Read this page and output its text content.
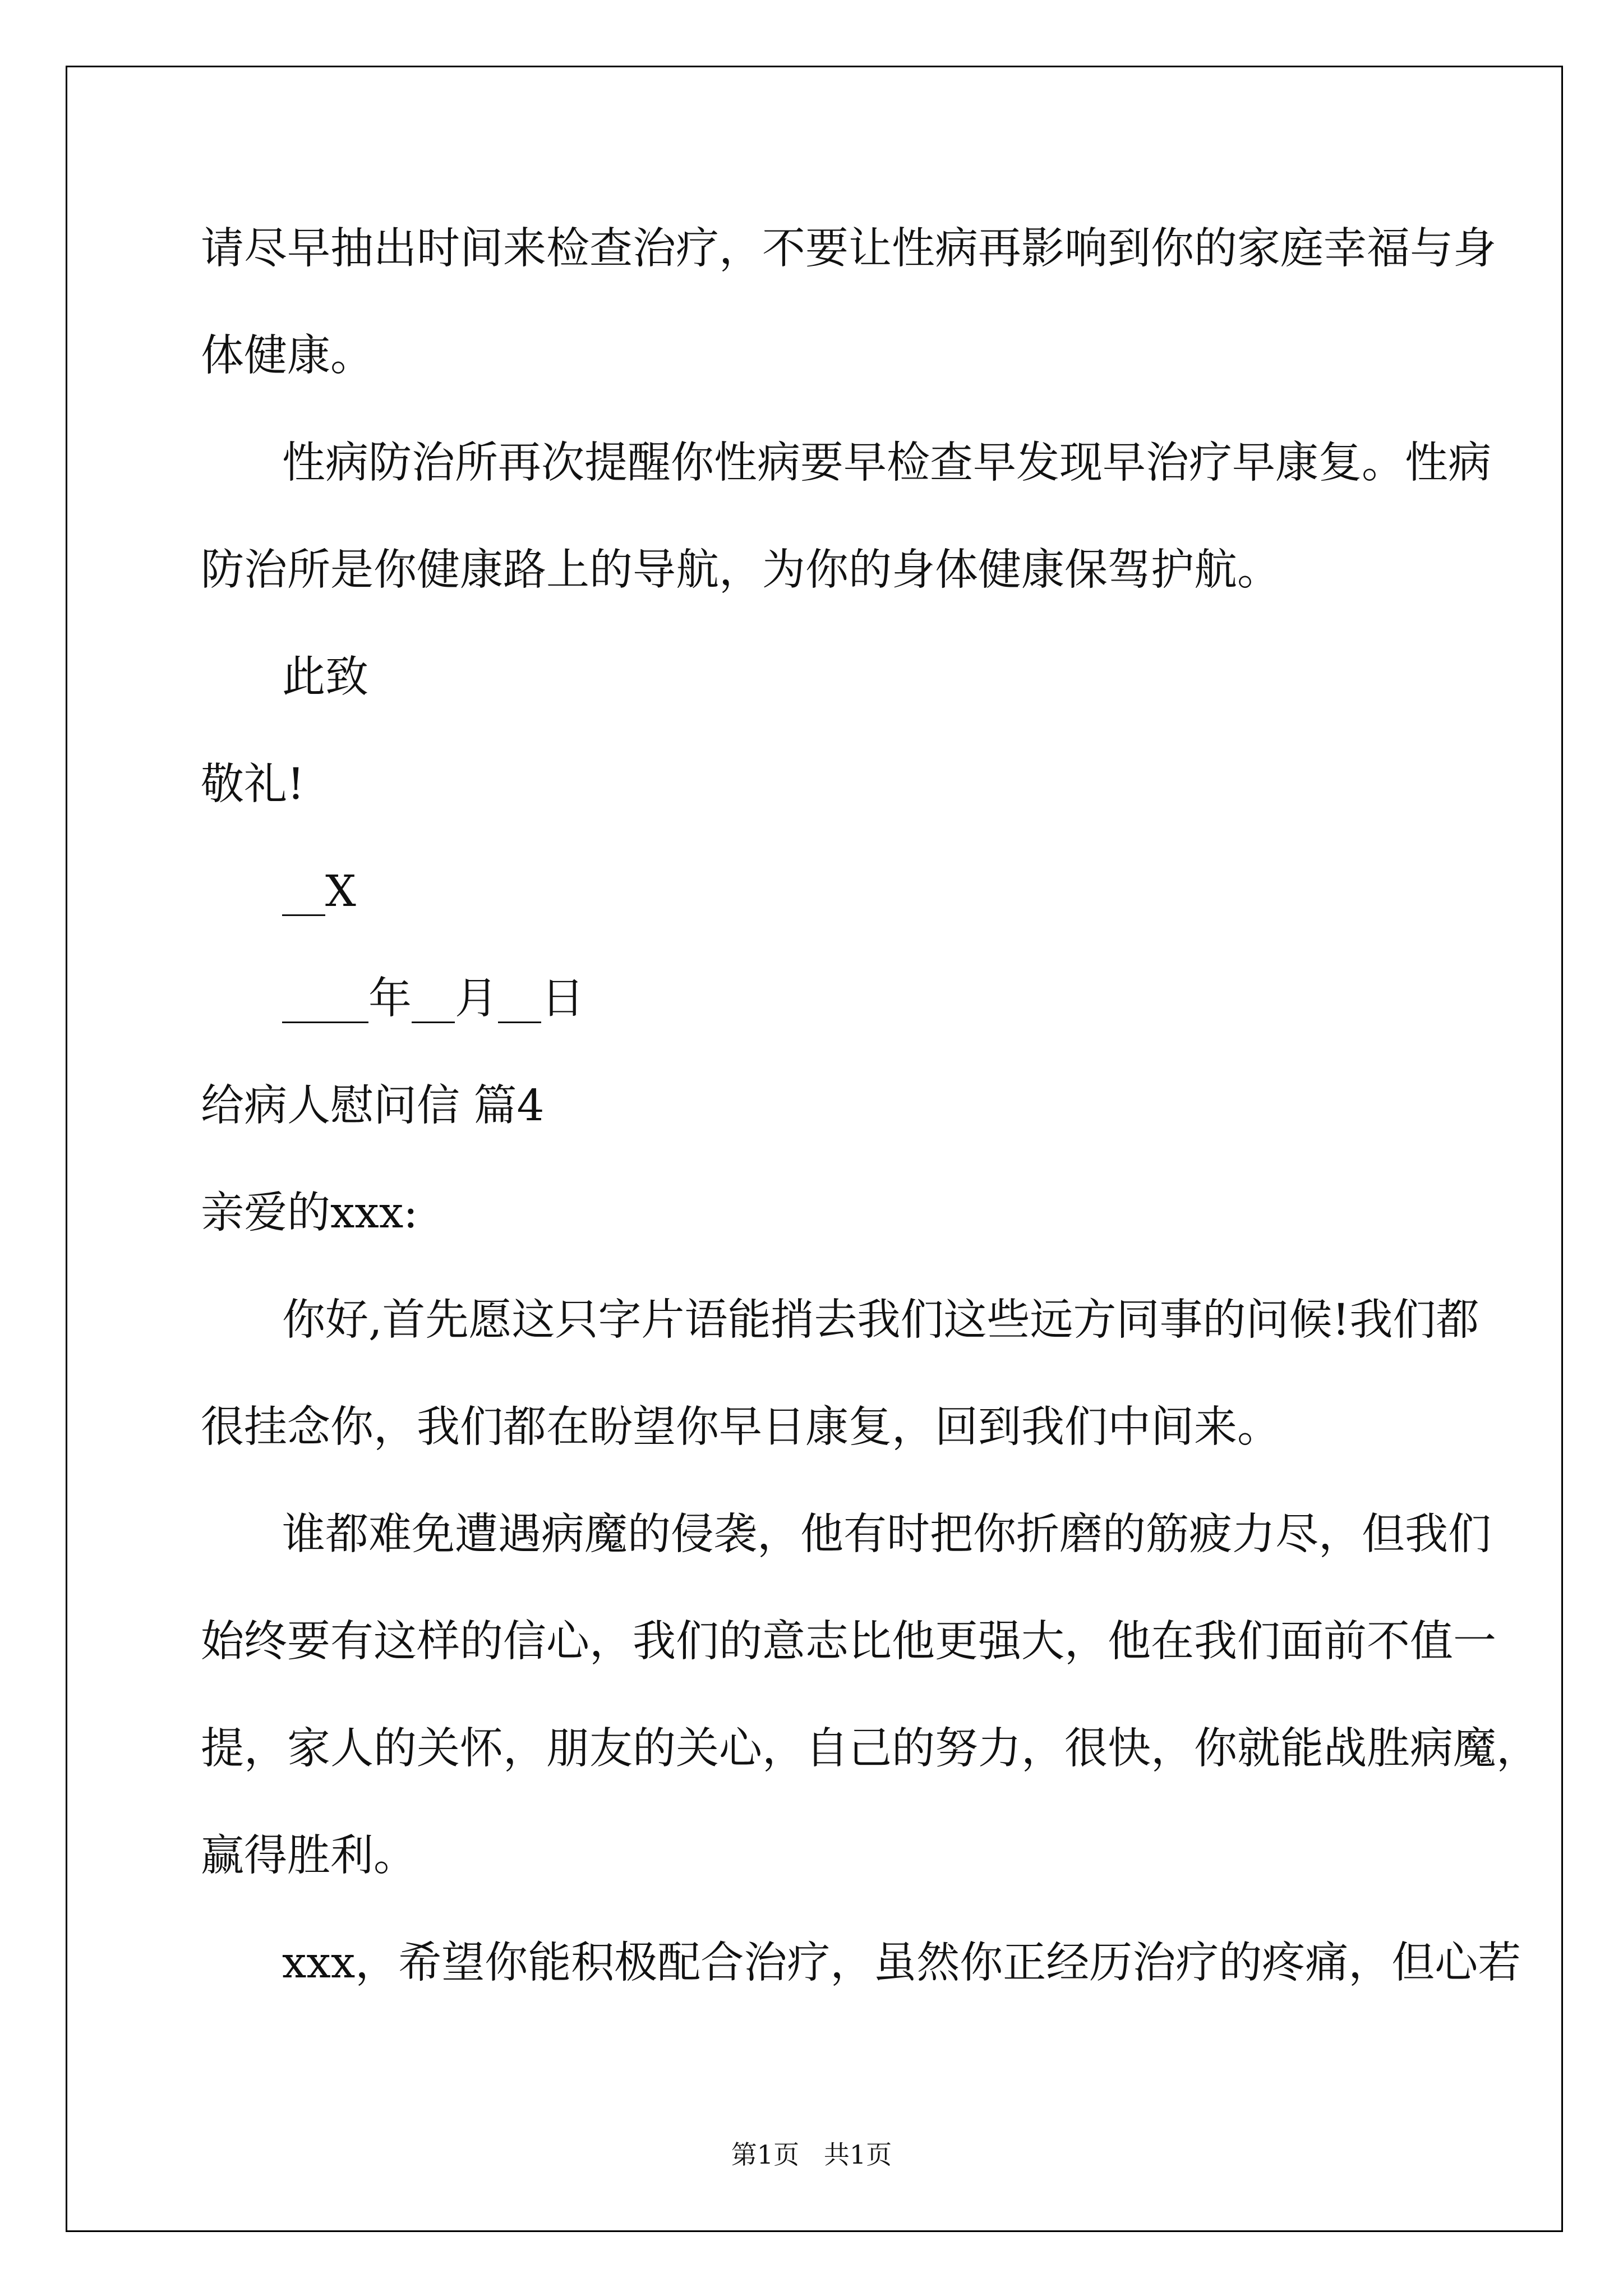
请尽早抽出时间来检查治疗，不要让性病再影响到你的家庭幸福与身

体健康。

性病防治所再次提醒你性病要早检查早发现早治疗早康复。性病

防治所是你健康路上的导航，为你的身体健康保驾护航。

此致

敬礼!

__X

____年__月__日

给病人慰问信 篇4

亲爱的xxx:

你好,首先愿这只字片语能捎去我们这些远方同事的问候!我们都

很挂念你，我们都在盼望你早日康复，回到我们中间来。

谁都难免遭遇病魔的侵袭，他有时把你折磨的筋疲力尽，但我们

始终要有这样的信心，我们的意志比他更强大，他在我们面前不值一

提，家人的关怀，朋友的关心，自己的努力，很快，你就能战胜病魔，

赢得胜利。

xxx，希望你能积极配合治疗，虽然你正经历治疗的疼痛，但心若

第1页   共1页
